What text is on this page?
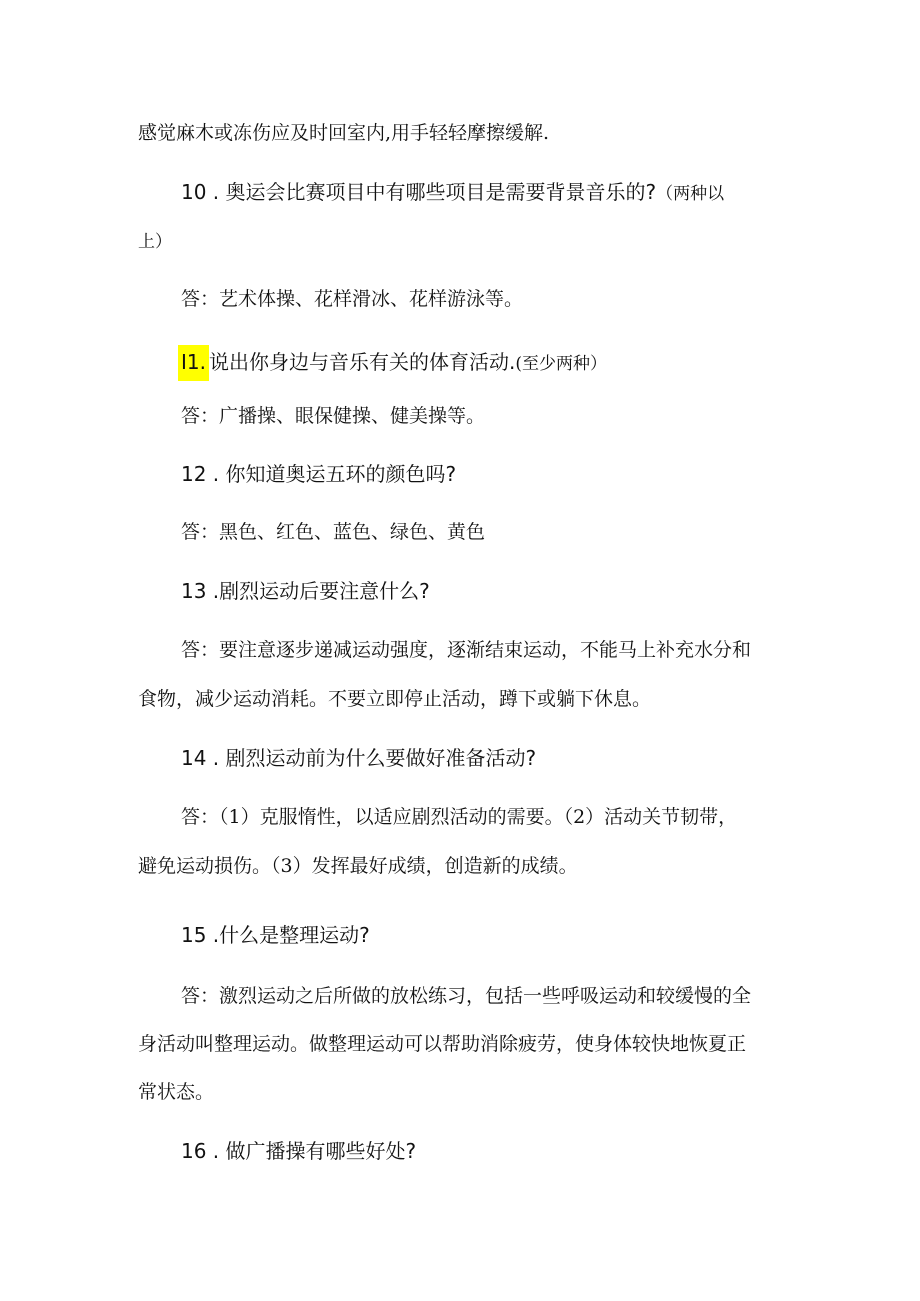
感觉麻木或冻伤应及时回室内,用手轻轻摩擦缓解.

10 . 奥运会比赛项目中有哪些项目是需要背景音乐的?（两种以

上）

答：艺术体操、花样滑冰、花样游泳等。

I1. 说出你身边与音乐有关的体育活动.(至少两种）

答：广播操、眼保健操、健美操等。

12 . 你知道奥运五环的颜色吗?

答：黑色、红色、蓝色、绿色、黄色

13 .剧烈运动后要注意什么?

答：要注意逐步递减运动强度，逐渐结束运动，不能马上补充水分和

食物，减少运动消耗。不要立即停止活动，蹲下或躺下休息。

14 . 剧烈运动前为什么要做好准备活动?

答：（1）克服惰性，以适应剧烈活动的需要。（2）活动关节韧带，

避免运动损伤。（3）发挥最好成绩，创造新的成绩。

15 .什么是整理运动?

答：激烈运动之后所做的放松练习，包括一些呼吸运动和较缓慢的全

身活动叫整理运动。做整理运动可以帮助消除疲劳，使身体较快地恢夏正

常状态。

16 . 做广播操有哪些好处?
